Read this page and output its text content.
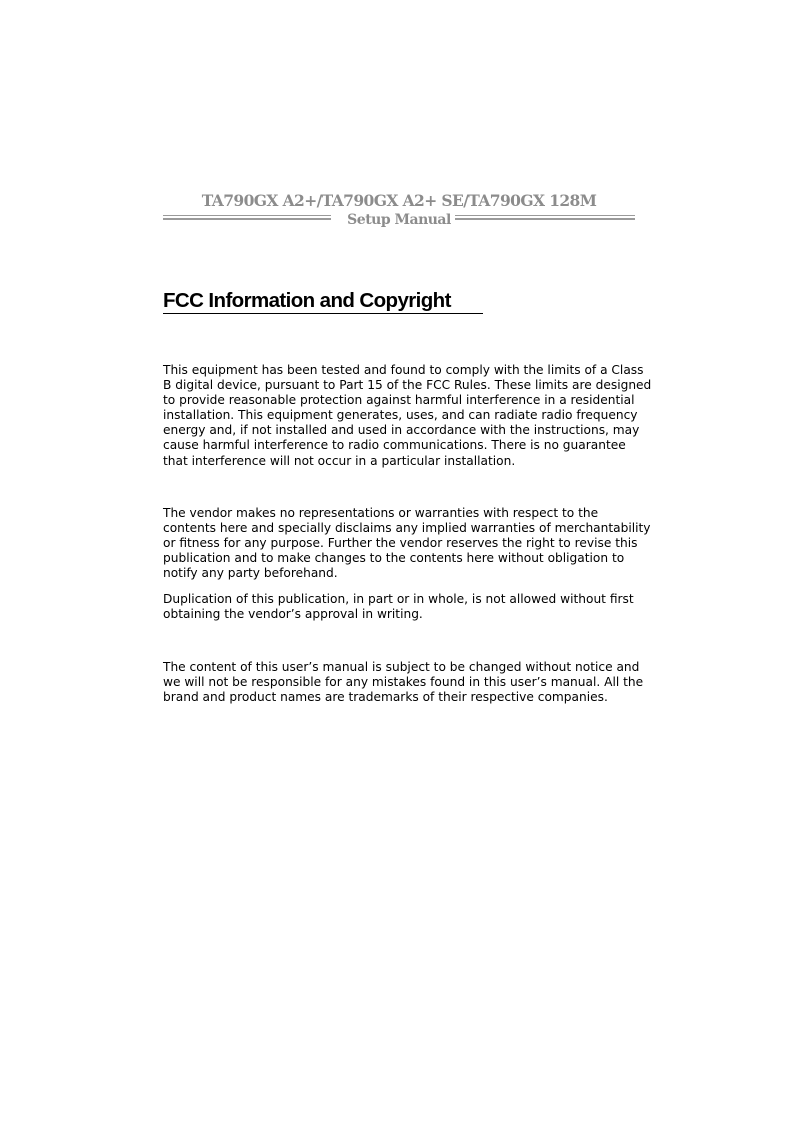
TA790GX A2+/TA790GX A2+ SE/TA790GX 128M
Setup Manual
FCC Information and Copyright
This equipment has been tested and found to comply with the limits of a Class
B digital device, pursuant to Part 15 of the FCC Rules. These limits are designed
to provide reasonable protection against harmful interference in a residential
installation. This equipment generates, uses, and can radiate radio frequency
energy and, if not installed and used in accordance with the instructions, may
cause harmful interference to radio communications. There is no guarantee
that interference will not occur in a particular installation.
The vendor makes no representations or warranties with respect to the
contents here and specially disclaims any implied warranties of merchantability
or fitness for any purpose. Further the vendor reserves the right to revise this
publication and to make changes to the contents here without obligation to
notify any party beforehand.
Duplication of this publication, in part or in whole, is not allowed without first
obtaining the vendor’s approval in writing.
The content of this user’s manual is subject to be changed without notice and
we will not be responsible for any mistakes found in this user’s manual. All the
brand and product names are trademarks of their respective companies.
